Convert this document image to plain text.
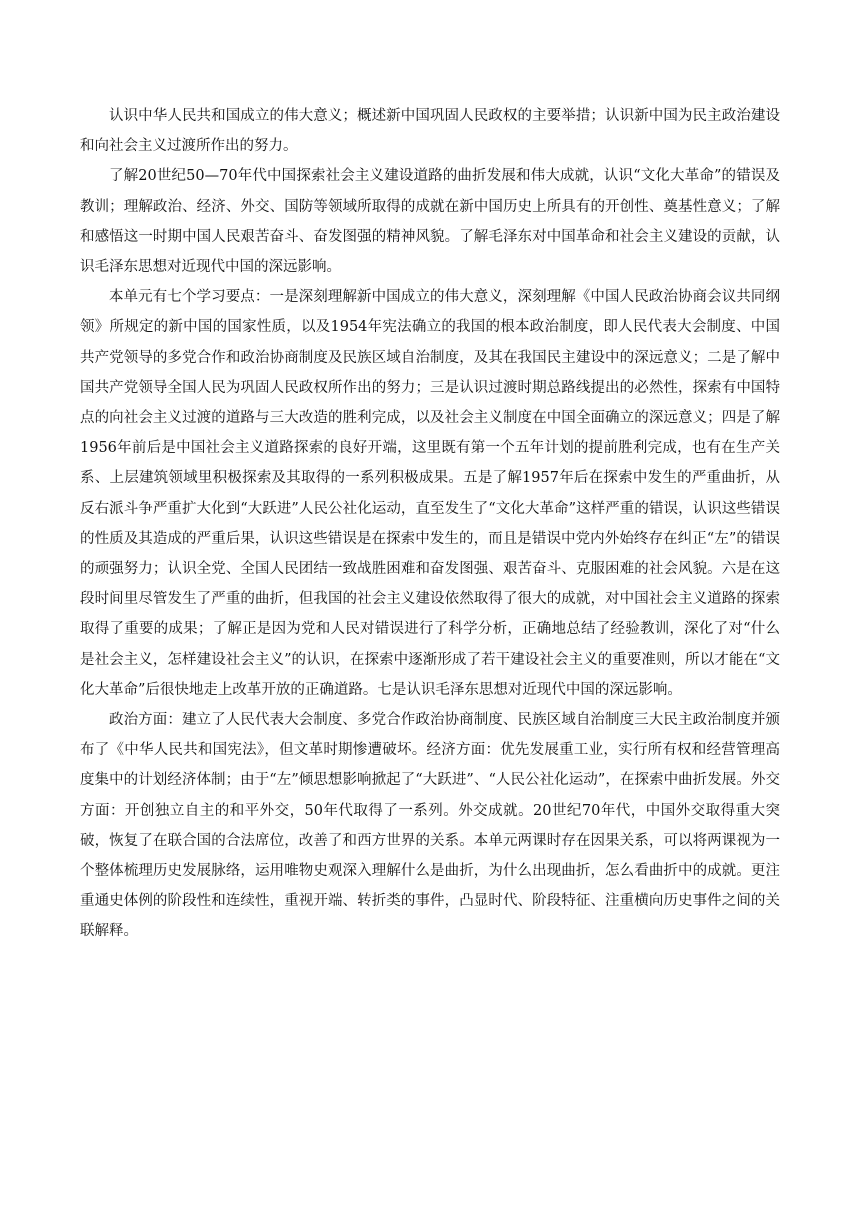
认识中华人民共和国成立的伟大意义；概述新中国巩固人民政权的主要举措；认识新中国为民主政治建设和向社会主义过渡所作出的努力。

了解20世纪50—70年代中国探索社会主义建设道路的曲折发展和伟大成就，认识“文化大革命”的错误及教训；理解政治、经济、外交、国防等领域所取得的成就在新中国历史上所具有的开创性、奠基性意义；了解和感悟这一时期中国人民艰苦奋斗、奋发图强的精神风貌。了解毛泽东对中国革命和社会主义建设的贡献，认识毛泽东思想对近现代中国的深远影响。

本单元有七个学习要点：一是深刻理解新中国成立的伟大意义，深刻理解《中国人民政治协商会议共同纲领》所规定的新中国的国家性质，以及1954年宪法确立的我国的根本政治制度，即人民代表大会制度、中国共产党领导的多党合作和政治协商制度及民族区域自治制度，及其在我国民主建设中的深远意义；二是了解中国共产党领导全国人民为巩固人民政权所作出的努力；三是认识过渡时期总路线提出的必然性，探索有中国特点的向社会主义过渡的道路与三大改造的胜利完成，以及社会主义制度在中国全面确立的深远意义；四是了解1956年前后是中国社会主义道路探索的良好开端，这里既有第一个五年计划的提前胜利完成，也有在生产关系、上层建筑领域里积极探索及其取得的一系列积极成果。五是了解1957年后在探索中发生的严重曲折，从反右派斗争严重扩大化到“大跃进”人民公社化运动，直至发生了“文化大革命”这样严重的错误，认识这些错误的性质及其造成的严重后果，认识这些错误是在探索中发生的，而且是错误中党内外始终存在纠正“左”的错误的顽强努力；认识全党、全国人民团结一致战胜困难和奋发图强、艰苦奋斗、克服困难的社会风貌。六是在这段时间里尽管发生了严重的曲折，但我国的社会主义建设依然取得了很大的成就，对中国社会主义道路的探索取得了重要的成果；了解正是因为党和人民对错误进行了科学分析，正确地总结了经验教训，深化了对“什么是社会主义，怎样建设社会主义”的认识，在探索中逐渐形成了若干建设社会主义的重要准则，所以才能在“文化大革命”后很快地走上改革开放的正确道路。七是认识毛泽东思想对近现代中国的深远影响。

政治方面：建立了人民代表大会制度、多党合作政治协商制度、民族区域自治制度三大民主政治制度并颁布了《中华人民共和国宪法》，但文革时期惨遭破坏。经济方面：优先发展重工业，实行所有权和经营管理高度集中的计划经济体制；由于“左”倾思想影响掀起了“大跃进”、“人民公社化运动”，在探索中曲折发展。外交方面：开创独立自主的和平外交，50年代取得了一系列。外交成就。20世纪70年代，中国外交取得重大突破，恢复了在联合国的合法席位，改善了和西方世界的关系。本单元两课时存在因果关系，可以将两课视为一个整体梳理历史发展脉络，运用唯物史观深入理解什么是曲折，为什么出现曲折，怎么看曲折中的成就。更注重通史体例的阶段性和连续性，重视开端、转折类的事件，凸显时代、阶段特征、注重横向历史事件之间的关联解释。
